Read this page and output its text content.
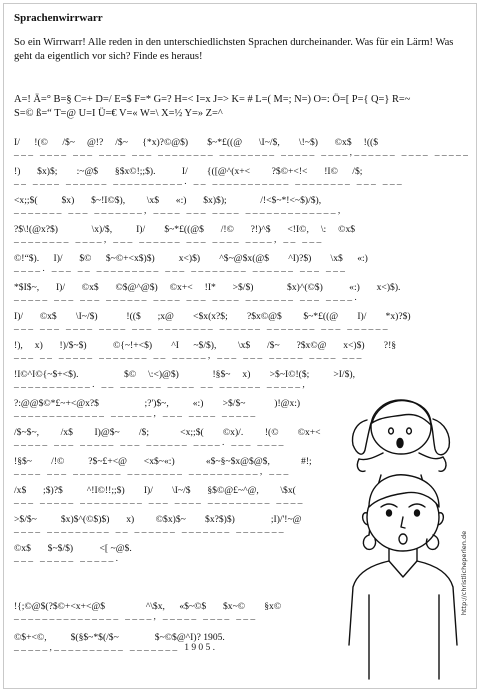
Sprachenwirrwarr

So ein Wirrwarr! Alle reden in den unterschiedlichsten Sprachen durcheinander. Was für ein Lärm! Was geht da eigentlich vor sich? Finde es heraus!

A=! Ä=° B=§ C=+ D=/ E=$ F=* G=? H=< I=x J=> K= # L=( M=; N=) O=: Ö=[ P={ Q=} R=~
S=© ß=“ T=@ U=I Ü=€ V=« W=\ X=½ Y=» Z=^
I/      !(©      /$~     @!?     /$~      {*x)?©@$)        $~*£((@       \I~/$,        \!~$)       ©x$     !(($
___ ____ ___ ____ ___ ________ ________ _____ ____,______ ____ _____
!)       $x)$;        :~@$       §$x©!;;$).           I/        {([@^(x+<         ?$©+<!<       !I©      /$;
__ ____ ______ __________. __ ___________ ________ ___ ___
<x;;$(          $x)       $~!I©$),         \x$       «:)       $x)$);              /!<$~*!<~$)/$),
_______ ___ _______, ____ ___ ____ _____________,
?$\!(@x?$)              \x)/$,          I)/        $~*£((@$       /!©       ?!)^$       <!I©,     \:     ©x$
________ ____, ___ ______ ___ ____ ____, __ ___
©!“$).      I)/       $©      $~©+<x$)$)          x<)$)        ^$~@$x(@$        ^I)?$)        \x$      «:)
____. ___ __ _________ ___ ________ ______ ___ ___
*$I$~,       I)/       ©x$       ©$@^@$)     ©x+<     !I*       >$/$)              $x)^(©$)           «:)       x<)$).
_____ ___ ___ ______ ____ ___ ____ _______ ___ ____.
I)/       ©x$        \I~/$)            !(($       ;x@        <$x(x?$;        ?$x©@$         $~*£((@        I)/        *x)?$)
___ ___ ____ ____ ___ ________ ______ _______ ___ ______
!),     x)       !)/$~$)           ©{~!+<$)        ^I      ~$/$),         \x$       /$~       ?$x©@       x<)$)        ?!§
___ __ _____ _______ __ _____, ___ ___ _____ ____ ___
!I©^I©{~$+<$).                   $©     \:<)@$)              !§$~     x)        >$~I©!($;          >I/$),
___________. __ ______ ____ __ ______ _____,
?:@@$©*£~+<@x?$                   ;?')$~,          «:)        >$/$~            )!@x:)
_____________ ______, ___ ____ _____
/$~$~,         /x$         I)@$~        /$;             <x;;$(        ©x)/.         !(©        ©x+<
_____ ___ _____ ___ ______ ____. ___ ____
!§$~        /!©          ?$~£+<@       <x$~«:)             «$~§~$x@$@$,             #!;
____ ___ _______ ________ __________, ___
/x$       ;$)?$          ^!I©!!;;$)        I)/        \I~/$       §$©@£~^@,         \$x(
___ _____ _________ ___ ____ _________ ____
>$/$~          $x)$^(©$)$)       x)         ©$x)$~        $x?$)$)               ;I)/'!~@
____ _________ __ ______ _______ _______
©x$       $~$/$)           <[ ~@$.
___ _____ _____.
!{;©@$(?$©+<x+<@$                 ^\$x,      «$~©$       $x~©        §x©
_______________ ____, _____ ____ ___
©$+<©,          $(§$~*$(/$~               $~©$@^I)? 1905.
_____,__________ _______ 1905.
http://christlicheperlen.de
